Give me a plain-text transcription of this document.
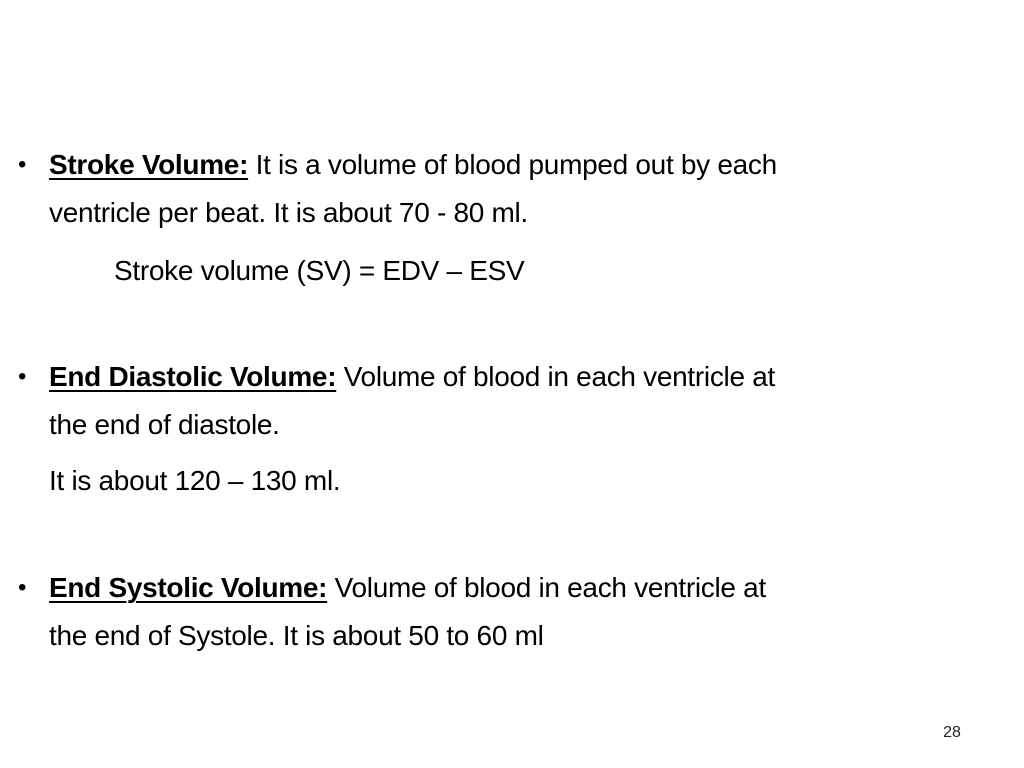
• Stroke Volume: It is a volume of blood pumped out by each
ventricle per beat. It is about 70 - 80 ml.
Stroke volume (SV) = EDV – ESV
• End Diastolic Volume: Volume of blood in each ventricle at
the end of diastole.
It is about 120 – 130 ml.
• End Systolic Volume: Volume of blood in each ventricle at
the end of Systole. It is about 50 to 60 ml
28
